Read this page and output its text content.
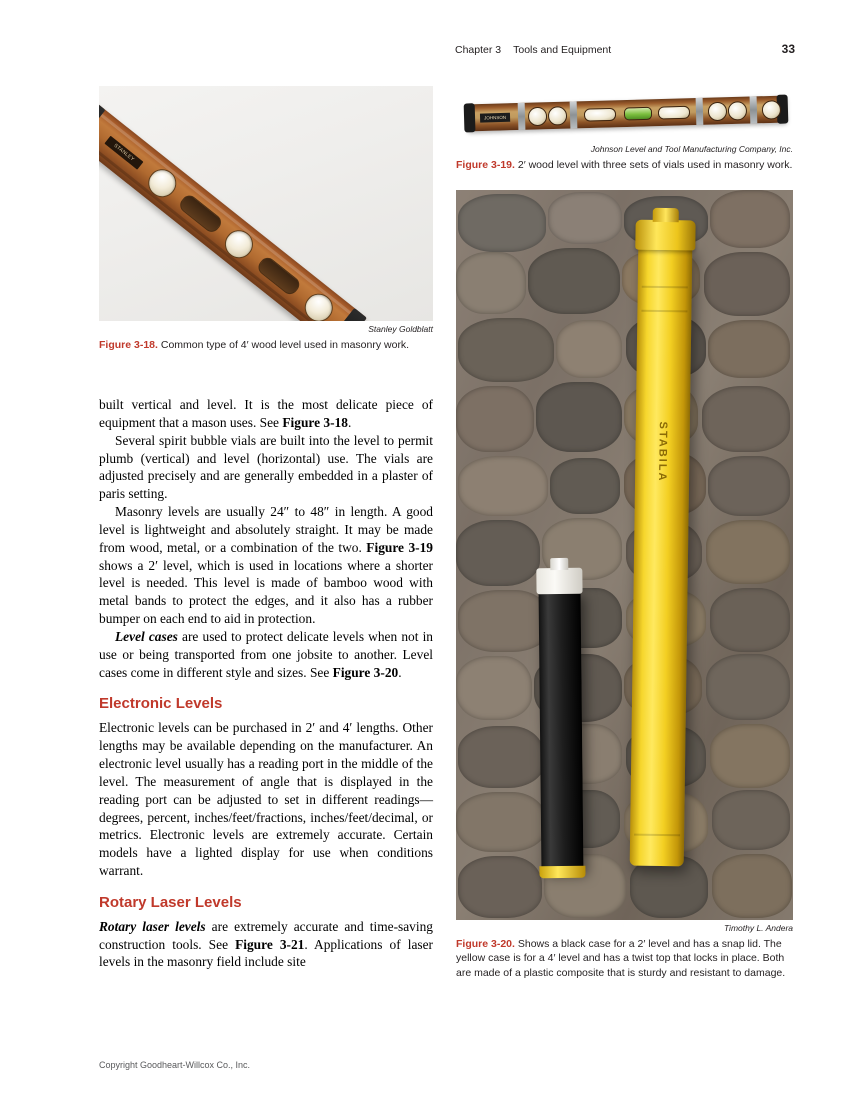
Chapter 3 Tools and Equipment	33
STANLEY
Stanley Goldblatt
Figure 3-18. Common type of 4′ wood level used in masonry work.

built vertical and level. It is the most delicate piece of equipment that a mason uses. See Figure 3-18.

Several spirit bubble vials are built into the level to permit plumb (vertical) and level (horizontal) use. The vials are adjusted precisely and are generally embedded in a plaster of paris setting.

Masonry levels are usually 24″ to 48″ in length. A good level is lightweight and absolutely straight. It may be made from wood, metal, or a combination of the two. Figure 3-19 shows a 2′ level, which is used in locations where a shorter level is needed. This level is made of bamboo wood with metal bands to protect the edges, and it also has a rubber bumper on each end to aid in protection.

Level cases are used to protect delicate levels when not in use or being transported from one jobsite to another. Level cases come in different style and sizes. See Figure 3-20.

Electronic Levels

Electronic levels can be purchased in 2′ and 4′ lengths. Other lengths may be available depending on the manufacturer. An electronic level usually has a reading port in the middle of the level. The measurement of angle that is displayed in the reading port can be adjusted to set in different readings—degrees, percent, inches/feet/fractions, inches/feet/decimal, or metrics. Electronic levels are extremely accurate. Certain models have a lighted display for use when conditions warrant.

Rotary Laser Levels

Rotary laser levels are extremely accurate and time-saving construction tools. See Figure 3-21. Applications of laser levels in the masonry field include site

JOHNSON
Johnson Level and Tool Manufacturing Company, Inc.
Figure 3-19. 2′ wood level with three sets of vials used in masonry work.
STABILA
Timothy L. Andera
Figure 3-20. Shows a black case for a 2′ level and has a snap lid. The yellow case is for a 4′ level and has a twist top that locks in place. Both are made of a plastic composite that is sturdy and resistant to damage.
Copyright Goodheart-Willcox Co., Inc.
